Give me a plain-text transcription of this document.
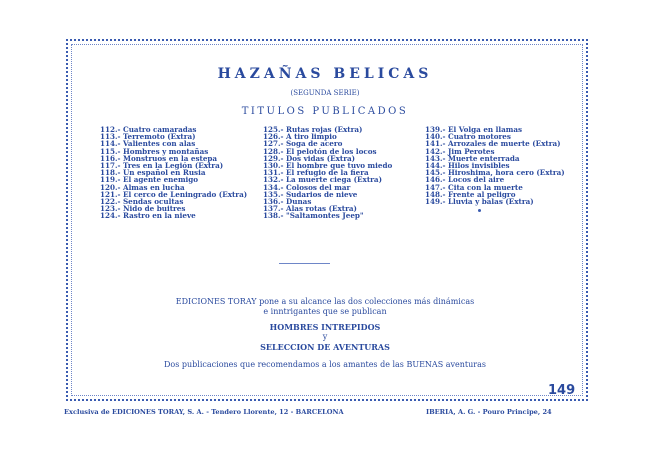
HAZAÑAS BELICAS
(SEGUNDA SERIE)
TITULOS PUBLICADOS
112.- Cuatro camaradas
113.- Terremoto (Extra)
114.- Valientes con alas
115.- Hombres y montañas
116.- Monstruos en la estepa
117.- Tres en la Legión (Extra)
118.- Un español en Rusia
119.- El agente enemigo
120.- Almas en lucha
121.- El cerco de Leningrado (Extra)
122.- Sendas ocultas
123.- Nido de buitres
124.- Rastro en la nieve
125.- Rutas rojas (Extra)
126.- A tiro limpio
127.- Soga de acero
128.- El pelotón de los locos
129.- Dos vidas (Extra)
130.- El hombre que tuvo miedo
131.- El refugio de la fiera
132.- La muerte ciega (Extra)
134.- Colosos del mar
135.- Sudarios de nieve
136.- Dunas
137.- Alas rotas (Extra)
138.- "Saltamontes Jeep"
139.- El Volga en llamas
140.- Cuatro motores
141.- Arrozales de muerte (Extra)
142.- Jim Perotes
143.- Muerte enterrada
144.- Hilos invisibles
145.- Hiroshima, hora cero (Extra)
146.- Locos del aire
147.- Cita con la muerte
148.- Frente al peligro
149.- Lluvia y balas (Extra)
EDICIONES TORAY pone a su alcance las dos colecciones más dinámicas
e inntrigantes que se publican
HOMBRES INTREPIDOS
y
SELECCION DE AVENTURAS
Dos publicaciones que recomendamos a los amantes de las BUENAS aventuras
149
Exclusiva de EDICIONES TORAY, S. A. - Tenderο Llorente, 12 - BARCELONA	IBERIA, A. G. - Pouro Principe, 24
